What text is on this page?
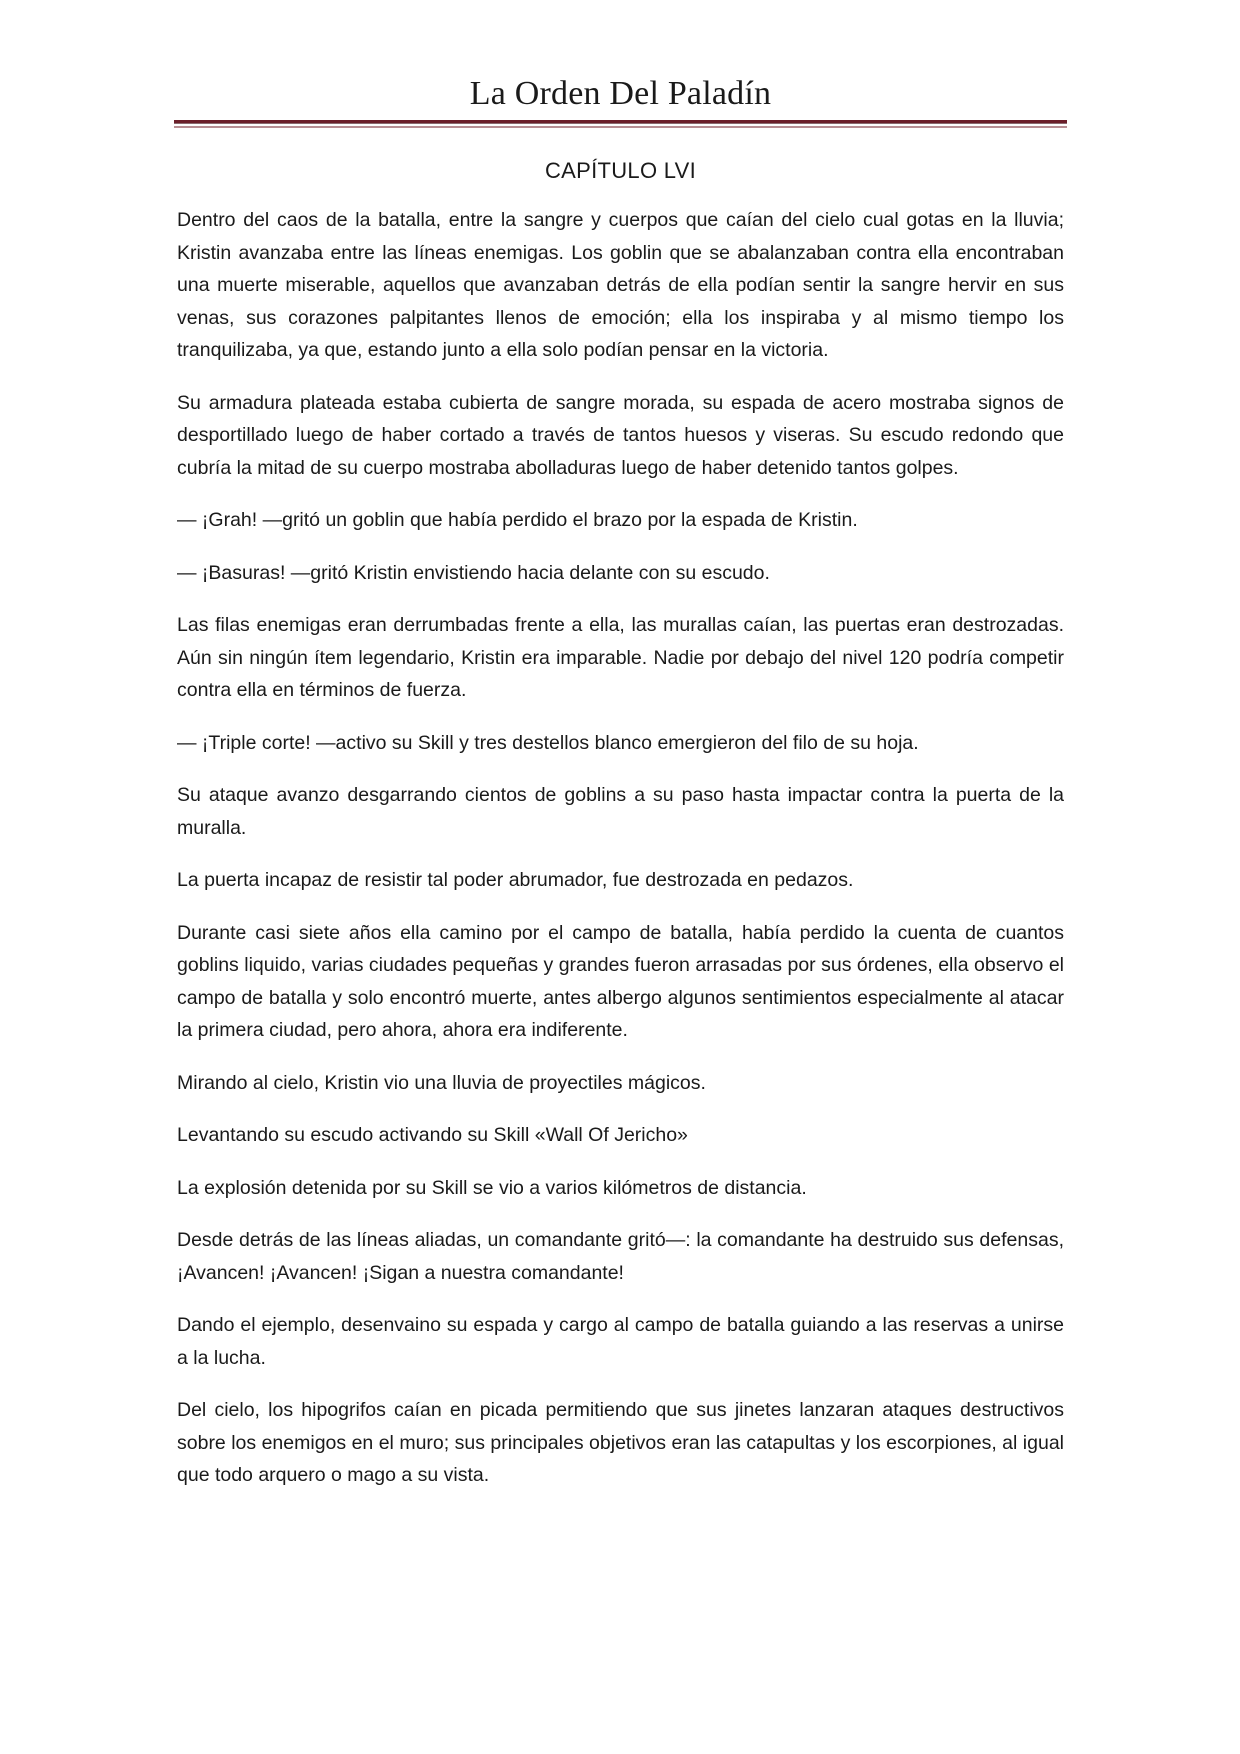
La Orden Del Paladín
CAPÍTULO LVI

Dentro del caos de la batalla, entre la sangre y cuerpos que caían del cielo cual gotas en la lluvia; Kristin avanzaba entre las líneas enemigas. Los goblin que se abalanzaban contra ella encontraban una muerte miserable, aquellos que avanzaban detrás de ella podían sentir la sangre hervir en sus venas, sus corazones palpitantes llenos de emoción; ella los inspiraba y al mismo tiempo los tranquilizaba, ya que, estando junto a ella solo podían pensar en la victoria.

Su armadura plateada estaba cubierta de sangre morada, su espada de acero mostraba signos de desportillado luego de haber cortado a través de tantos huesos y viseras. Su escudo redondo que cubría la mitad de su cuerpo mostraba abolladuras luego de haber detenido tantos golpes.

— ¡Grah! —gritó un goblin que había perdido el brazo por la espada de Kristin.

— ¡Basuras! —gritó Kristin envistiendo hacia delante con su escudo.

Las filas enemigas eran derrumbadas frente a ella, las murallas caían, las puertas eran destrozadas. Aún sin ningún ítem legendario, Kristin era imparable. Nadie por debajo del nivel 120 podría competir contra ella en términos de fuerza.

— ¡Triple corte! —activo su Skill y tres destellos blanco emergieron del filo de su hoja.

Su ataque avanzo desgarrando cientos de goblins a su paso hasta impactar contra la puerta de la muralla.

La puerta incapaz de resistir tal poder abrumador, fue destrozada en pedazos.

Durante casi siete años ella camino por el campo de batalla, había perdido la cuenta de cuantos goblins liquido, varias ciudades pequeñas y grandes fueron arrasadas por sus órdenes, ella observo el campo de batalla y solo encontró muerte, antes albergo algunos sentimientos especialmente al atacar la primera ciudad, pero ahora, ahora era indiferente.

Mirando al cielo, Kristin vio una lluvia de proyectiles mágicos.

Levantando su escudo activando su Skill «Wall Of Jericho»

La explosión detenida por su Skill se vio a varios kilómetros de distancia.

Desde detrás de las líneas aliadas, un comandante gritó—: la comandante ha destruido sus defensas, ¡Avancen! ¡Avancen! ¡Sigan a nuestra comandante!

Dando el ejemplo, desenvaino su espada y cargo al campo de batalla guiando a las reservas a unirse a la lucha.

Del cielo, los hipogrifos caían en picada permitiendo que sus jinetes lanzaran ataques destructivos sobre los enemigos en el muro; sus principales objetivos eran las catapultas y los escorpiones, al igual que todo arquero o mago a su vista.
